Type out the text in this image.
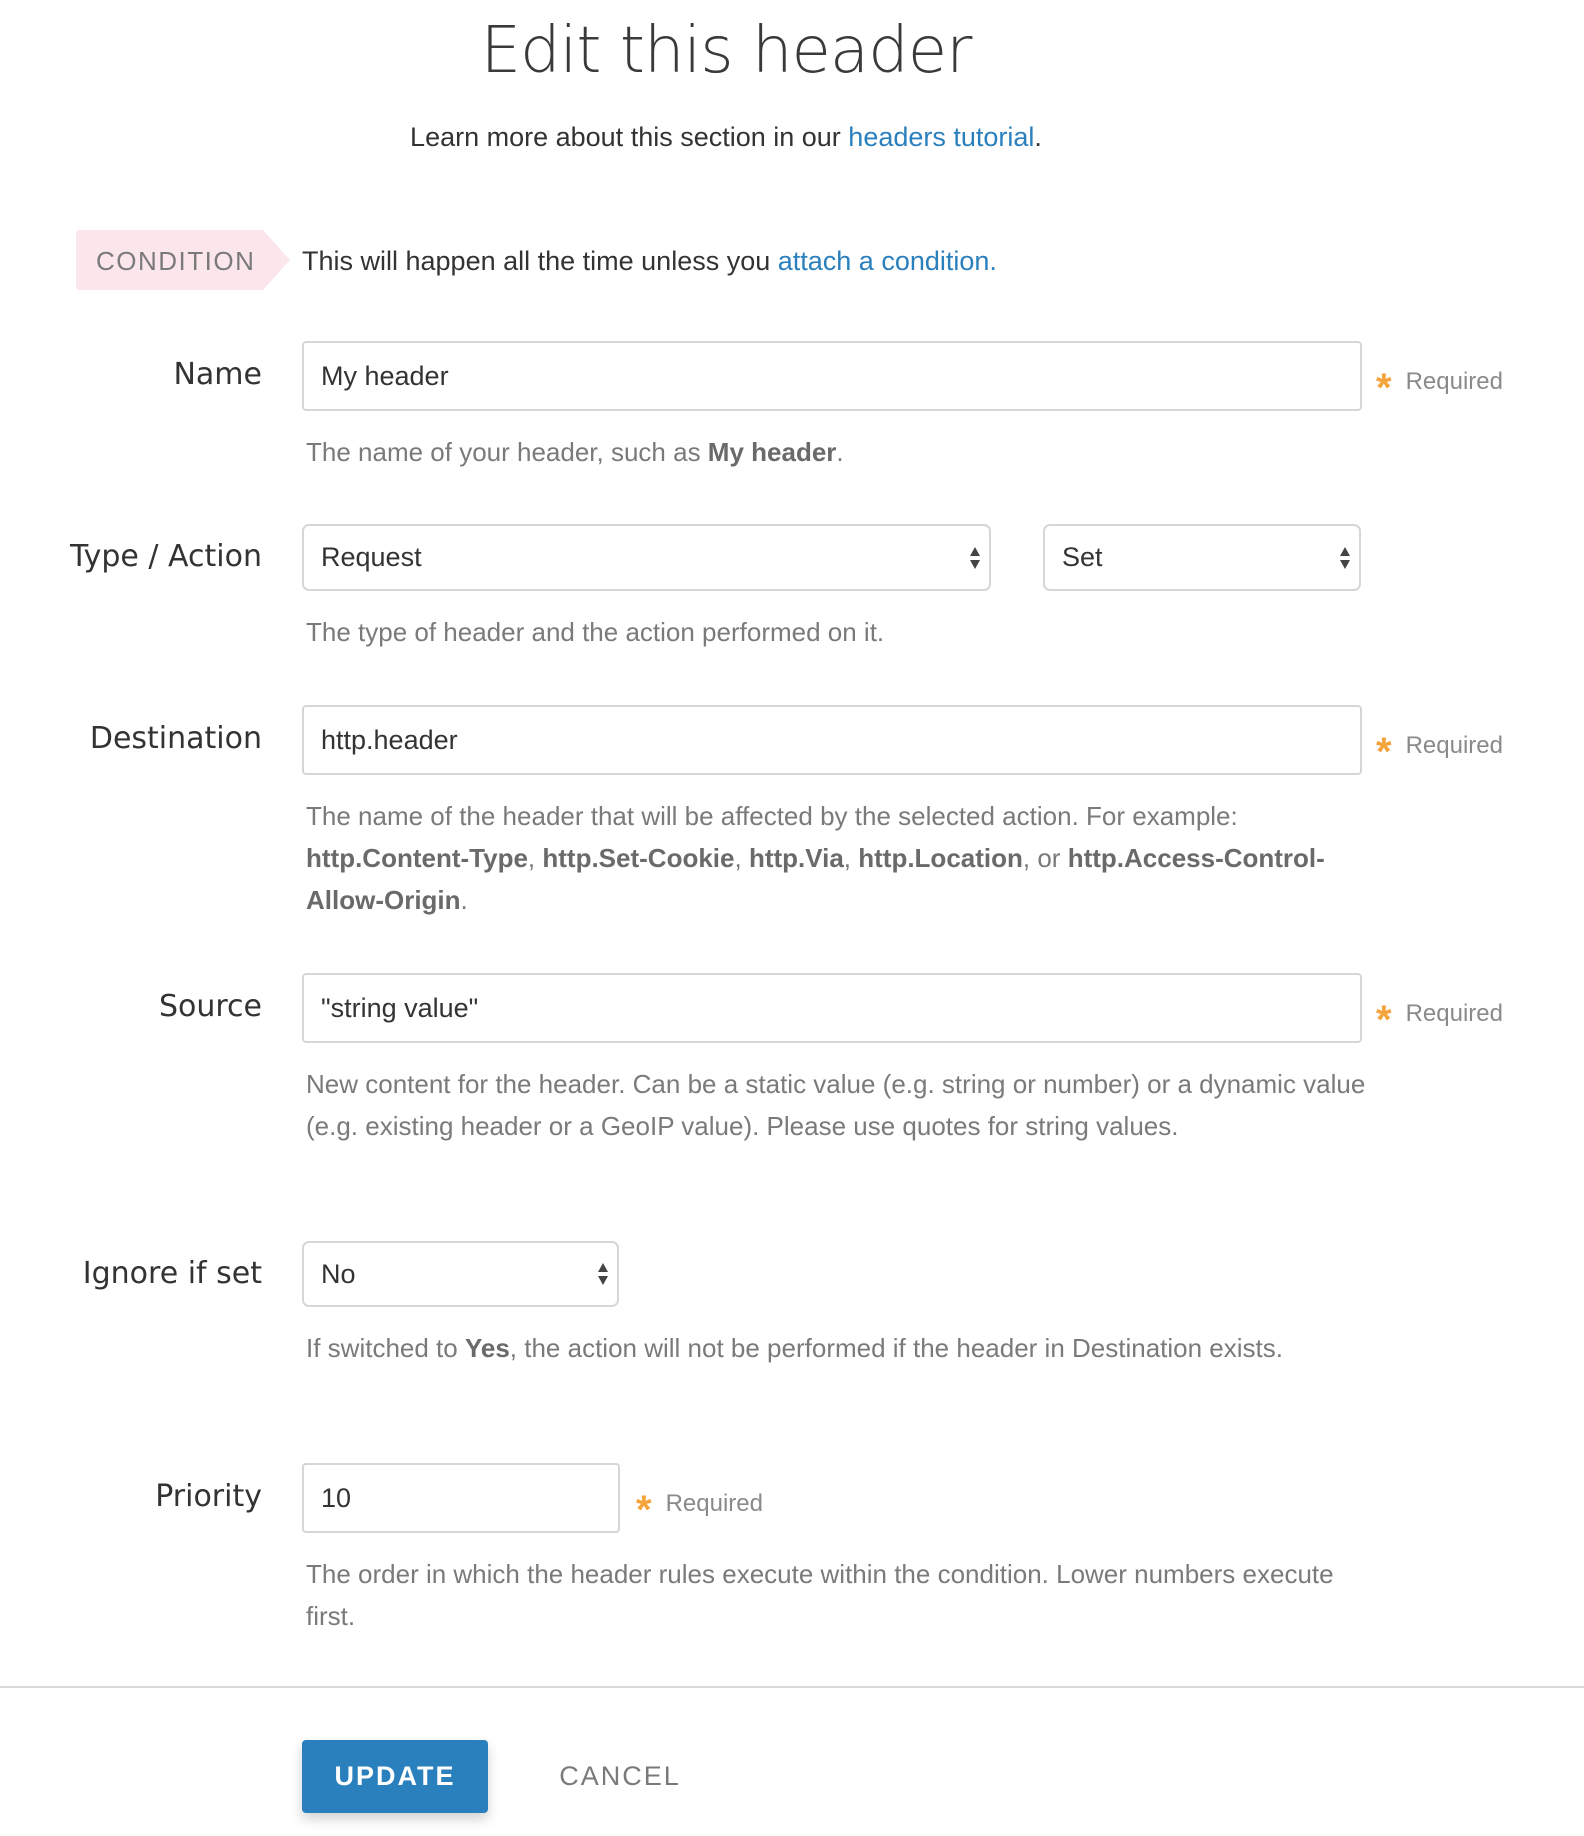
Edit this header

Learn more about this section in our headers tutorial.

CONDITION This will happen all the time unless you attach a condition.

Name My header	* Required

The name of your header, such as My header.

Type / Action Request	Set

The type of header and the action performed on it.

Destination http.header	* Required

The name of the header that will be affected by the selected action. For example: http.Content-Type, http.Set-Cookie, http.Via, http.Location, or http.Access-Control-Allow-Origin.

Source "string value"	* Required

New content for the header. Can be a static value (e.g. string or number) or a dynamic value (e.g. existing header or a GeoIP value). Please use quotes for string values.

Ignore if set No

If switched to Yes, the action will not be performed if the header in Destination exists.

Priority 10	* Required

The order in which the header rules execute within the condition. Lower numbers execute first.

UPDATE	CANCEL
